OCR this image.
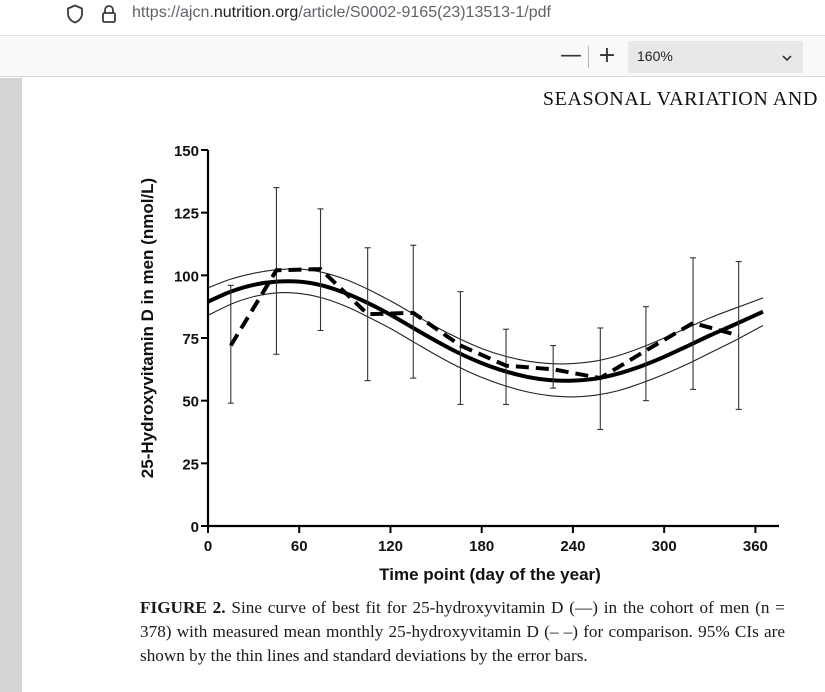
https://ajcn.nutrition.org/article/S0002-9165(23)13513-1/pdf
— + 160%
SEASONAL VARIATION AND
0
25
50
75
100
125
150
0	60	120	180	240	300	360
Time point (day of the year)
25-Hydroxyvitamin D in men (nmol/L)
FIGURE 2. Sine curve of best fit for 25-hydroxyvitamin D (—) in the cohort of men (n = 378) with measured mean monthly 25-hydroxyvitamin D (– –) for comparison. 95% CIs are shown by the thin lines and standard deviations by the error bars.
